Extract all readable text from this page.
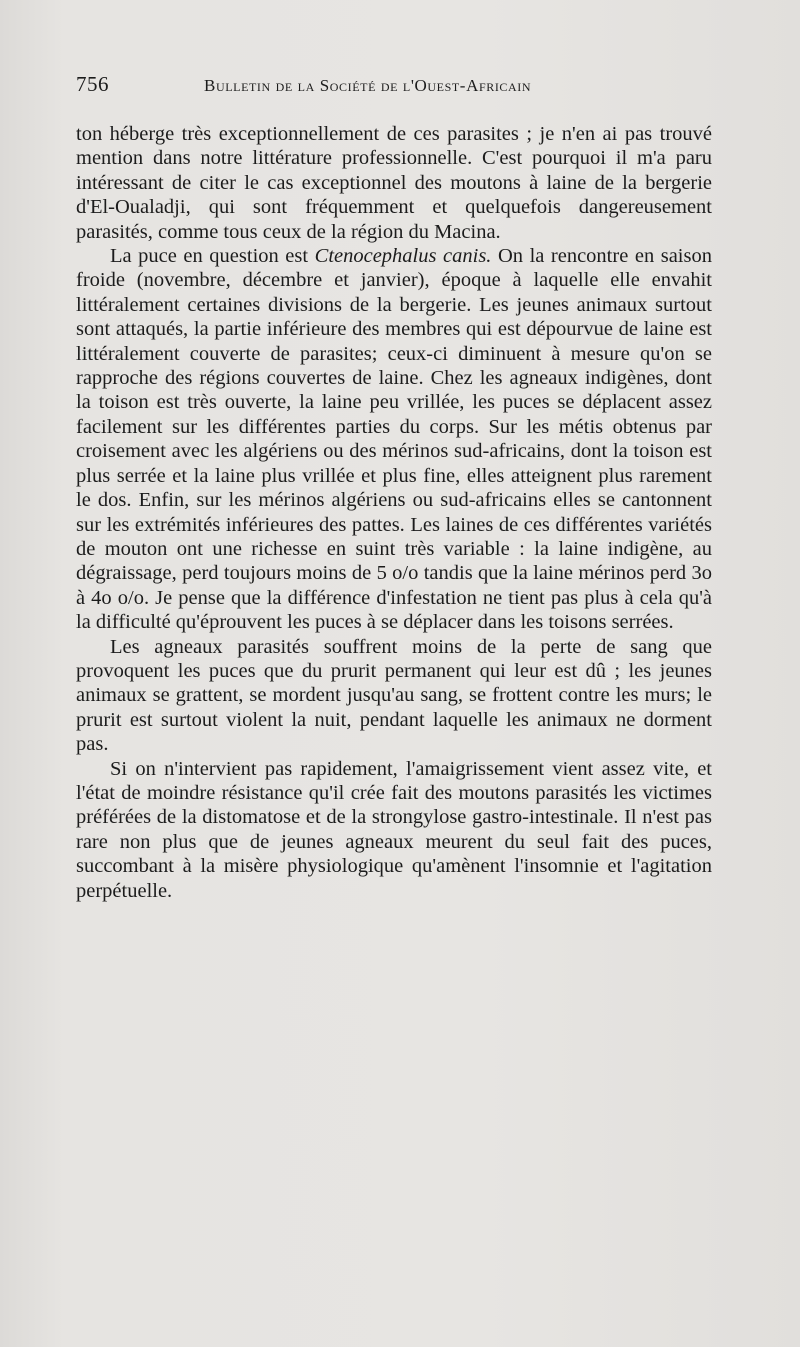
756	Bulletin de la Société de l'Ouest-Africain

ton héberge très exceptionnellement de ces parasites ; je n'en ai pas trouvé mention dans notre littérature professionnelle. C'est pourquoi il m'a paru intéressant de citer le cas exceptionnel des moutons à laine de la bergerie d'El-Oualadji, qui sont fréquemment et quelquefois dangereusement parasités, comme tous ceux de la région du Macina.

La puce en question est Ctenocephalus canis. On la rencontre en saison froide (novembre, décembre et janvier), époque à laquelle elle envahit littéralement certaines divisions de la bergerie. Les jeunes animaux surtout sont attaqués, la partie inférieure des membres qui est dépourvue de laine est littéralement couverte de parasites; ceux-ci diminuent à mesure qu'on se rapproche des régions couvertes de laine. Chez les agneaux indigènes, dont la toison est très ouverte, la laine peu vrillée, les puces se déplacent assez facilement sur les différentes parties du corps. Sur les métis obtenus par croisement avec les algériens ou des mérinos sud-africains, dont la toison est plus serrée et la laine plus vrillée et plus fine, elles atteignent plus rarement le dos. Enfin, sur les mérinos algériens ou sud-africains elles se cantonnent sur les extrémités inférieures des pattes. Les laines de ces différentes variétés de mouton ont une richesse en suint très variable : la laine indigène, au dégraissage, perd toujours moins de 5 o/o tandis que la laine mérinos perd 3o à 4o o/o. Je pense que la différence d'infestation ne tient pas plus à cela qu'à la difficulté qu'éprouvent les puces à se déplacer dans les toisons serrées.

Les agneaux parasités souffrent moins de la perte de sang que provoquent les puces que du prurit permanent qui leur est dû ; les jeunes animaux se grattent, se mordent jusqu'au sang, se frottent contre les murs; le prurit est surtout violent la nuit, pendant laquelle les animaux ne dorment pas.

Si on n'intervient pas rapidement, l'amaigrissement vient assez vite, et l'état de moindre résistance qu'il crée fait des moutons parasités les victimes préférées de la distomatose et de la strongylose gastro-intestinale. Il n'est pas rare non plus que de jeunes agneaux meurent du seul fait des puces, succombant à la misère physiologique qu'amènent l'insomnie et l'agitation perpétuelle.
